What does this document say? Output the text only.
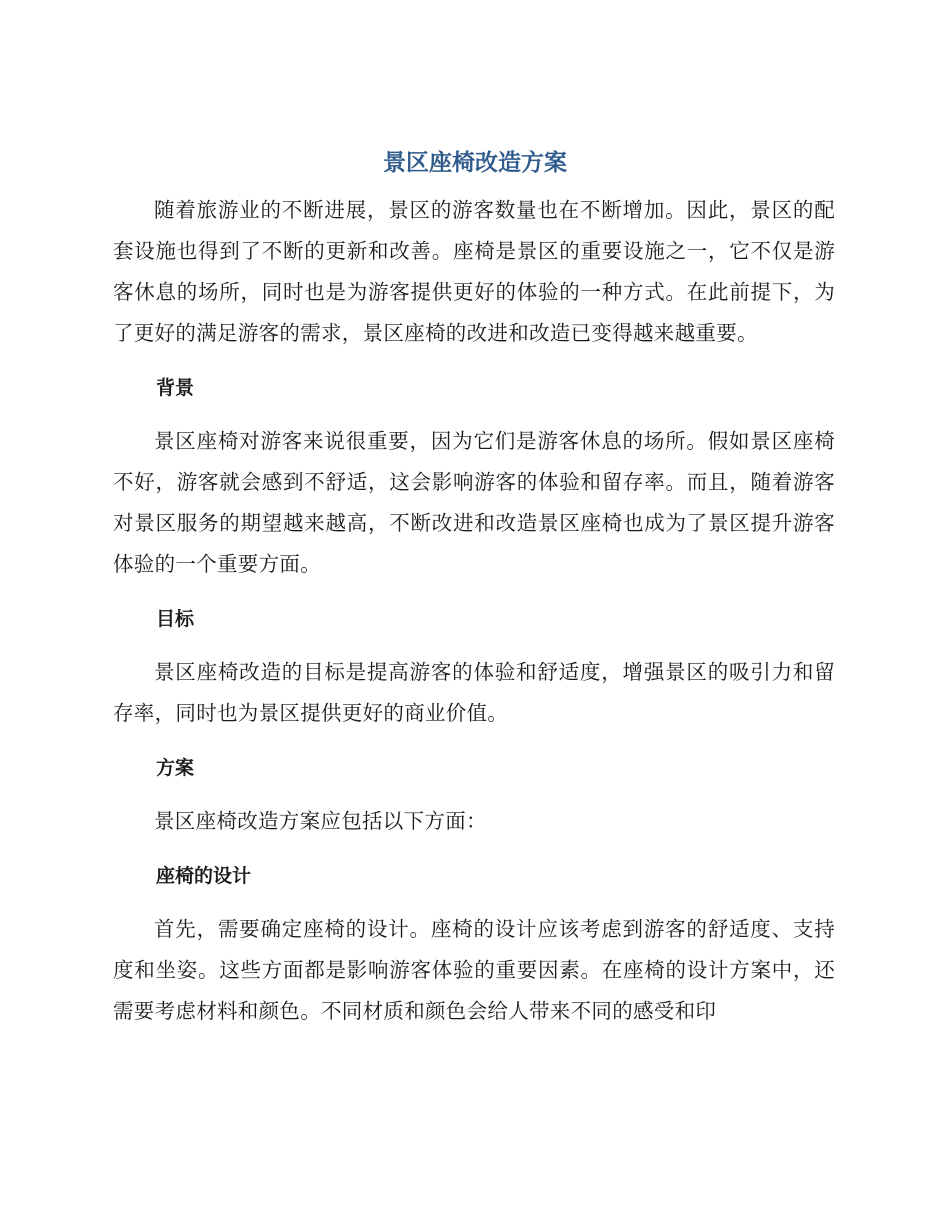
景区座椅改造方案

随着旅游业的不断进展，景区的游客数量也在不断增加。因此，景区的配套设施也得到了不断的更新和改善。座椅是景区的重要设施之一，它不仅是游客休息的场所，同时也是为游客提供更好的体验的一种方式。在此前提下，为了更好的满足游客的需求，景区座椅的改进和改造已变得越来越重要。

背景

景区座椅对游客来说很重要，因为它们是游客休息的场所。假如景区座椅不好，游客就会感到不舒适，这会影响游客的体验和留存率。而且，随着游客对景区服务的期望越来越高，不断改进和改造景区座椅也成为了景区提升游客体验的一个重要方面。

目标

景区座椅改造的目标是提高游客的体验和舒适度，增强景区的吸引力和留存率，同时也为景区提供更好的商业价值。

方案

景区座椅改造方案应包括以下方面：

座椅的设计

首先，需要确定座椅的设计。座椅的设计应该考虑到游客的舒适度、支持度和坐姿。这些方面都是影响游客体验的重要因素。在座椅的设计方案中，还需要考虑材料和颜色。不同材质和颜色会给人带来不同的感受和印
